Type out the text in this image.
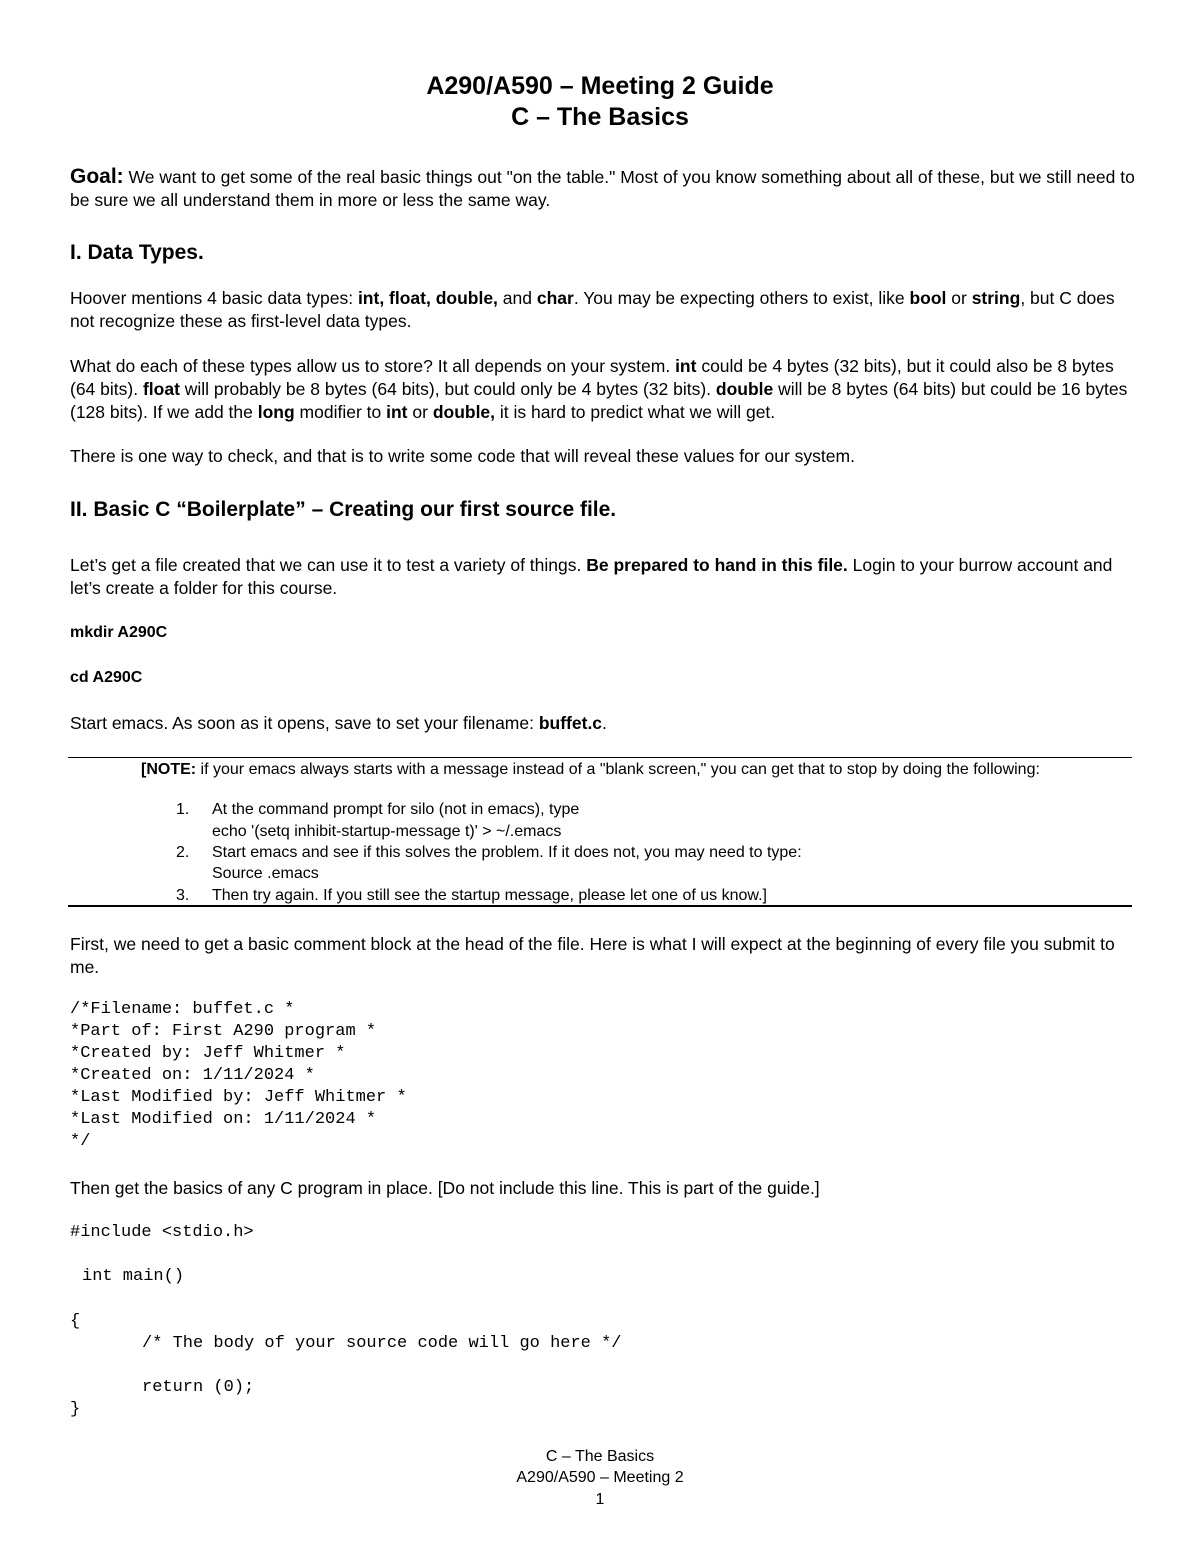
A290/A590 – Meeting 2 Guide
C – The Basics
Goal: We want to get some of the real basic things out "on the table." Most of you know something about all of these, but we still need to be sure we all understand them in more or less the same way.
I. Data Types.
Hoover mentions 4 basic data types: int, float, double, and char. You may be expecting others to exist, like bool or string, but C does not recognize these as first-level data types.
What do each of these types allow us to store? It all depends on your system. int could be 4 bytes (32 bits), but it could also be 8 bytes (64 bits). float will probably be 8 bytes (64 bits), but could only be 4 bytes (32 bits). double will be 8 bytes (64 bits) but could be 16 bytes (128 bits). If we add the long modifier to int or double, it is hard to predict what we will get.
There is one way to check, and that is to write some code that will reveal these values for our system.
II. Basic C “Boilerplate” – Creating our first source file.
Let’s get a file created that we can use it to test a variety of things. Be prepared to hand in this file. Login to your burrow account and let’s create a folder for this course.
mkdir A290C
cd A290C
Start emacs. As soon as it opens, save to set your filename: buffet.c.
[NOTE: if your emacs always starts with a message instead of a "blank screen," you can get that to stop by doing the following:
1. At the command prompt for silo (not in emacs), type
echo '(setq inhibit-startup-message t)' > ~/.emacs
2. Start emacs and see if this solves the problem. If it does not, you may need to type:
Source .emacs
3. Then try again. If you still see the startup message, please let one of us know.]
First, we need to get a basic comment block at the head of the file. Here is what I will expect at the beginning of every file you submit to me.
/*Filename: buffet.c *
*Part of: First A290 program *
*Created by: Jeff Whitmer *
*Created on: 1/11/2024 *
*Last Modified by: Jeff Whitmer *
*Last Modified on: 1/11/2024 *
*/
Then get the basics of any C program in place. [Do not include this line. This is part of the guide.]
#include <stdio.h>
int main()
{
/* The body of your source code will go here */
return (0);
}
C – The Basics
A290/A590 – Meeting 2
1
